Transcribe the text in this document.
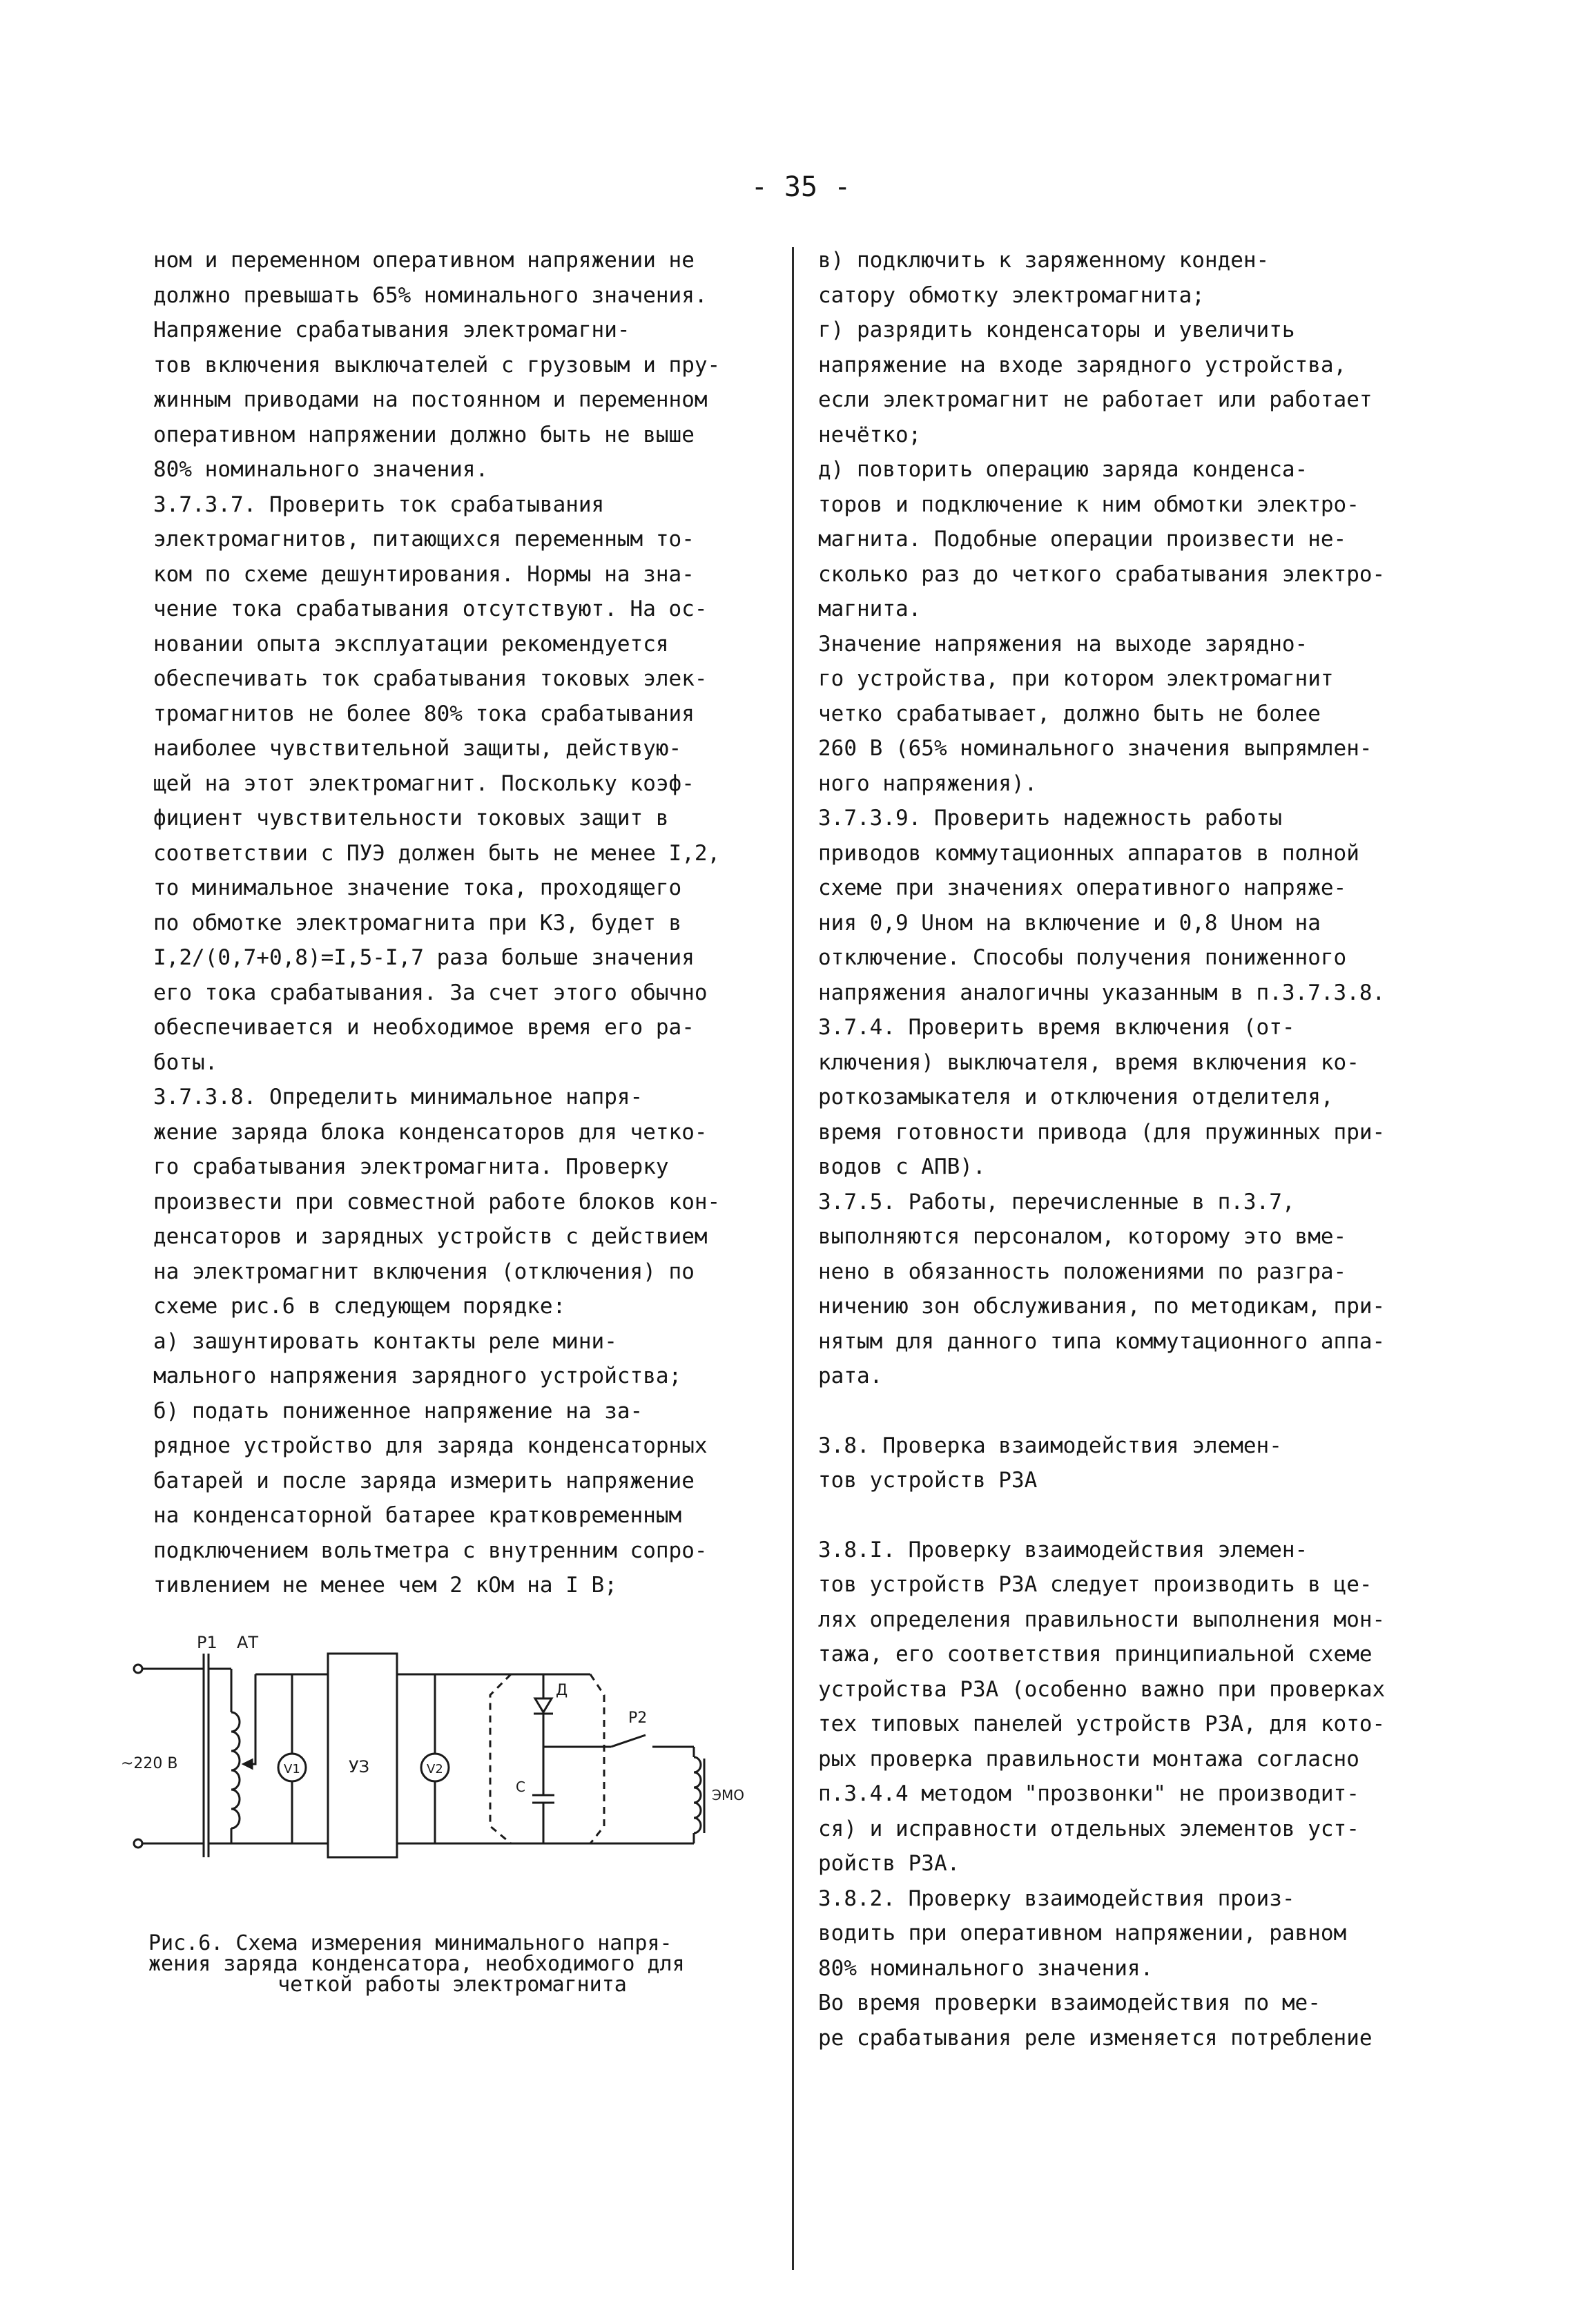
- 35 -

ном и переменном оперативном напряжении не

должно превышать 65% номинального значения.

Напряжение срабатывания электромагни-

тов включения выключателей с грузовым и пру-

жинным приводами на постоянном и переменном

оперативном напряжении должно быть не выше

80% номинального значения.

3.7.3.7. Проверить ток срабатывания

электромагнитов, питающихся переменным то-

ком по схеме дешунтирования. Нормы на зна-

чение тока срабатывания отсутствуют. На ос-

новании опыта эксплуатации рекомендуется

обеспечивать ток срабатывания токовых элек-

тромагнитов не более 80% тока срабатывания

наиболее чувствительной защиты, действую-

щей на этот электромагнит. Поскольку коэф-

фициент чувствительности токовых защит в

соответствии с ПУЭ должен быть не менее I,2,

то минимальное значение тока, проходящего

по обмотке электромагнита при КЗ, будет в

I,2/(0,7+0,8)=I,5-I,7 раза больше значения

его тока срабатывания. За счет этого обычно

обеспечивается и необходимое время его ра-

боты.

3.7.3.8. Определить минимальное напря-

жение заряда блока конденсаторов для четко-

го срабатывания электромагнита. Проверку

произвести при совместной работе блоков кон-

денсаторов и зарядных устройств с действием

на электромагнит включения (отключения) по

схеме рис.6 в следующем порядке:

а) зашунтировать контакты реле мини-

мального напряжения зарядного устройства;

б) подать пониженное напряжение на за-

рядное устройство для заряда конденсаторных

батарей и после заряда измерить напряжение

на конденсаторной батарее кратковременным

подключением вольтметра с внутренним сопро-

тивлением не менее чем 2 кОм на I В;

в) подключить к заряженному конден-

сатору обмотку электромагнита;

г) разрядить конденсаторы и увеличить

напряжение на входе зарядного устройства,

если электромагнит не работает или работает

нечётко;

д) повторить операцию заряда конденса-

торов и подключение к ним обмотки электро-

магнита. Подобные операции произвести не-

сколько раз до четкого срабатывания электро-

магнита.

Значение напряжения на выходе зарядно-

го устройства, при котором электромагнит

четко срабатывает, должно быть не более

260 В (65% номинального значения выпрямлен-

ного напряжения).

3.7.3.9. Проверить надежность работы

приводов коммутационных аппаратов в полной

схеме при значениях оперативного напряже-

ния 0,9 Uном на включение и 0,8 Uном на

отключение. Способы получения пониженного

напряжения аналогичны указанным в п.3.7.3.8.

3.7.4. Проверить время включения (от-

ключения) выключателя, время включения ко-

роткозамыкателя и отключения отделителя,

время готовности привода (для пружинных при-

водов с АПВ).

3.7.5. Работы, перечисленные в п.3.7,

выполняются персоналом, которому это вме-

нено в обязанность положениями по разгра-

ничению зон обслуживания, по методикам, при-

нятым для данного типа коммутационного аппа-

рата.

3.8. Проверка взаимодействия элемен-

тов устройств РЗА

3.8.I. Проверку взаимодействия элемен-

тов устройств РЗА следует производить в це-

лях определения правильности выполнения мон-

тажа, его соответствия принципиальной схеме

устройства РЗА (особенно важно при проверках

тех типовых панелей устройств РЗА, для кото-

рых проверка правильности монтажа согласно

п.3.4.4 методом "прозвонки" не производит-

ся) и исправности отдельных элементов уст-

ройств РЗА.

3.8.2. Проверку взаимодействия произ-

водить при оперативном напряжении, равном

80% номинального значения.

Во время проверки взаимодействия по ме-

ре срабатывания реле изменяется потребление

Р1 АТ
~220 В	V1	УЗ	V2
Д
Р2
С	ЭМО

Рис.6. Схема измерения минимального напря-

жения заряда конденсатора, необходимого для

четкой работы электромагнита
